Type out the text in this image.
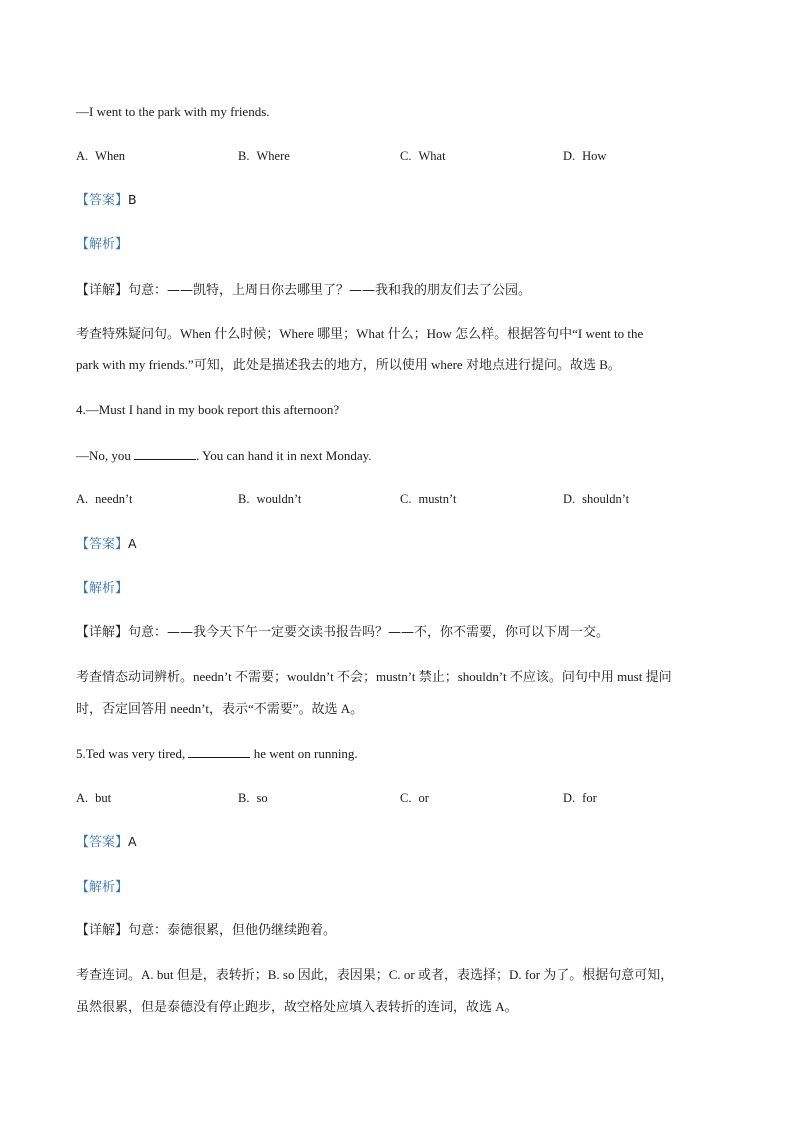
—I went to the park with my friends.
A. When	B. Where	C. What	D. How
【答案】B
【解析】
【详解】句意：——凯特，上周日你去哪里了？——我和我的朋友们去了公园。
考查特殊疑问句。When 什么时候；Where 哪里；What 什么；How 怎么样。根据答句中“I went to the
park with my friends.”可知，此处是描述我去的地方，所以使用 where 对地点进行提问。故选 B。
4.—Must I hand in my book report this afternoon?
—No, you	. You can hand it in next Monday.
A. needn’t	B. wouldn’t	C. mustn’t	D. shouldn’t
【答案】A
【解析】
【详解】句意：——我今天下午一定要交读书报告吗？——不，你不需要，你可以下周一交。
考查情态动词辨析。needn’t 不需要；wouldn’t 不会；mustn’t 禁止；shouldn’t 不应该。问句中用 must 提问
时，否定回答用 needn’t，表示“不需要”。故选 A。
5.Ted was very tired,	he went on running.
A. but	B. so	C. or	D. for
【答案】A
【解析】
【详解】句意：泰德很累，但他仍继续跑着。
考查连词。A. but 但是，表转折；B. so 因此，表因果；C. or 或者，表选择；D. for 为了。根据句意可知，
虽然很累，但是泰德没有停止跑步，故空格处应填入表转折的连词，故选 A。
